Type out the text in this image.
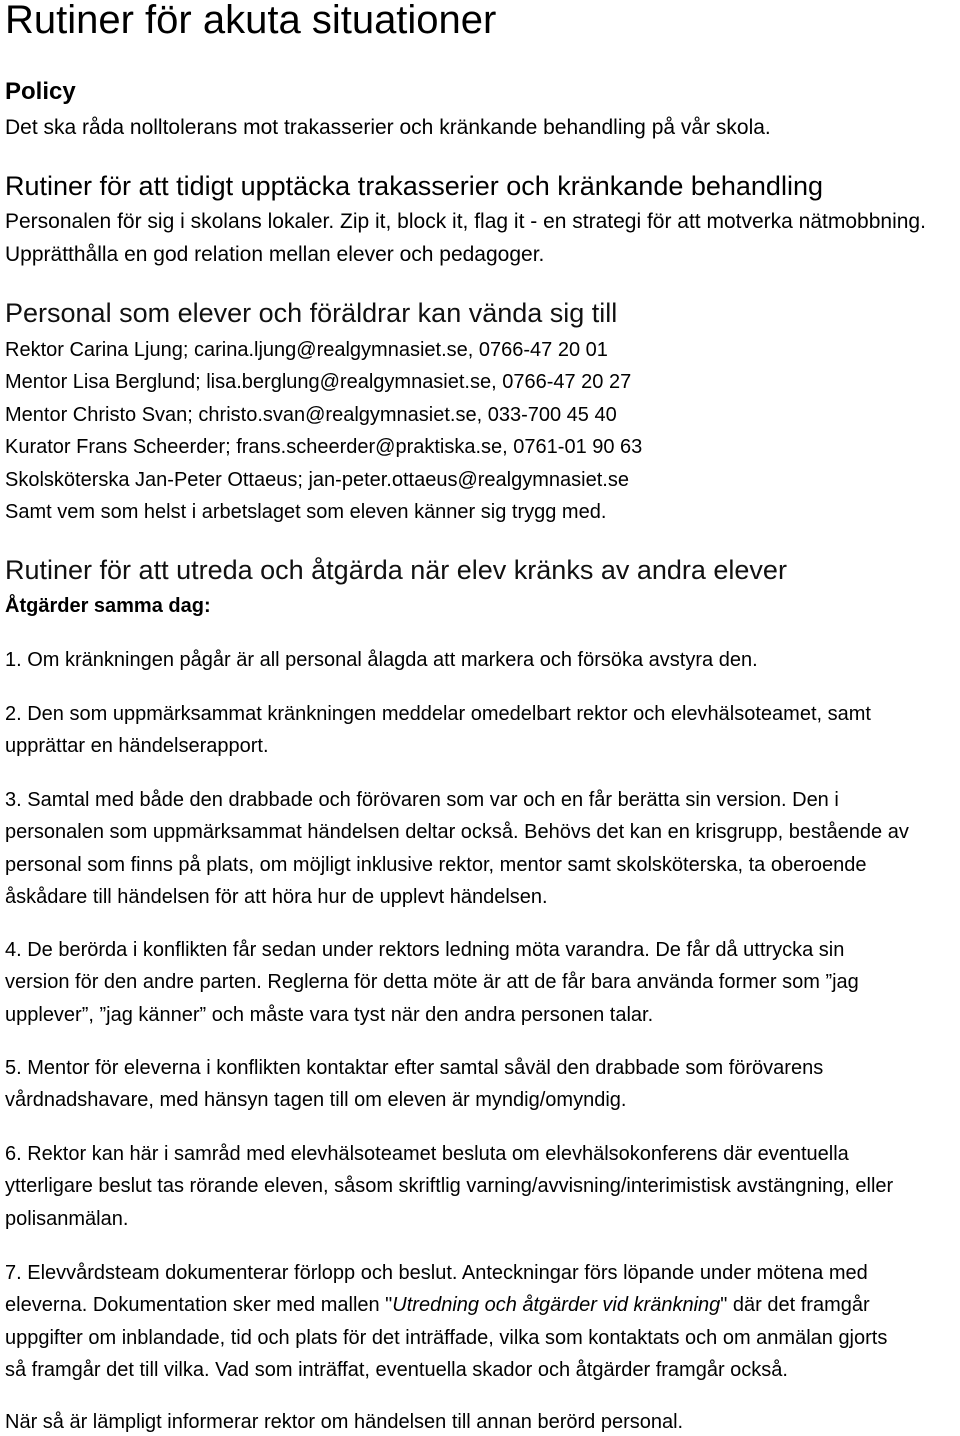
Rutiner för akuta situationer
Policy
Det ska råda nolltolerans mot trakasserier och kränkande behandling på vår skola.
Rutiner för att tidigt upptäcka trakasserier och kränkande behandling
Personalen för sig i skolans lokaler. Zip it, block it, flag it - en strategi för att motverka nätmobbning.
Upprätthålla en god relation mellan elever och pedagoger.
Personal som elever och föräldrar kan vända sig till
Rektor Carina Ljung; carina.ljung@realgymnasiet.se, 0766-47 20 01
Mentor Lisa Berglund; lisa.berglung@realgymnasiet.se, 0766-47 20 27
Mentor Christo Svan; christo.svan@realgymnasiet.se, 033-700 45 40
Kurator Frans Scheerder; frans.scheerder@praktiska.se, 0761-01 90 63
Skolsköterska Jan-Peter Ottaeus; jan-peter.ottaeus@realgymnasiet.se
Samt vem som helst i arbetslaget som eleven känner sig trygg med.
Rutiner för att utreda och åtgärda när elev kränks av andra elever
Åtgärder samma dag:
1. Om kränkningen pågår är all personal ålagda att markera och försöka avstyra den.
2. Den som uppmärksammat kränkningen meddelar omedelbart rektor och elevhälsoteamet, samt
upprättar en händelserapport.
3. Samtal med både den drabbade och förövaren som var och en får berätta sin version. Den i
personalen som uppmärksammat händelsen deltar också. Behövs det kan en krisgrupp, bestående av
personal som finns på plats, om möjligt inklusive rektor, mentor samt skolsköterska, ta oberoende
åskådare till händelsen för att höra hur de upplevt händelsen.
4. De berörda i konflikten får sedan under rektors ledning möta varandra. De får då uttrycka sin
version för den andre parten. Reglerna för detta möte är att de får bara använda former som ”jag
upplever”, ”jag känner” och måste vara tyst när den andra personen talar.
5. Mentor för eleverna i konflikten kontaktar efter samtal såväl den drabbade som förövarens
vårdnadshavare, med hänsyn tagen till om eleven är myndig/omyndig.
6. Rektor kan här i samråd med elevhälsoteamet besluta om elevhälsokonferens där eventuella
ytterligare beslut tas rörande eleven, såsom skriftlig varning/avvisning/interimistisk avstängning, eller
polisanmälan.
7. Elevvårdsteam dokumenterar förlopp och beslut. Anteckningar förs löpande under mötena med
eleverna. Dokumentation sker med mallen "Utredning och åtgärder vid kränkning" där det framgår
uppgifter om inblandade, tid och plats för det inträffade, vilka som kontaktats och om anmälan gjorts
så framgår det till vilka. Vad som inträffat, eventuella skador och åtgärder framgår också.
När så är lämpligt informerar rektor om händelsen till annan berörd personal.
